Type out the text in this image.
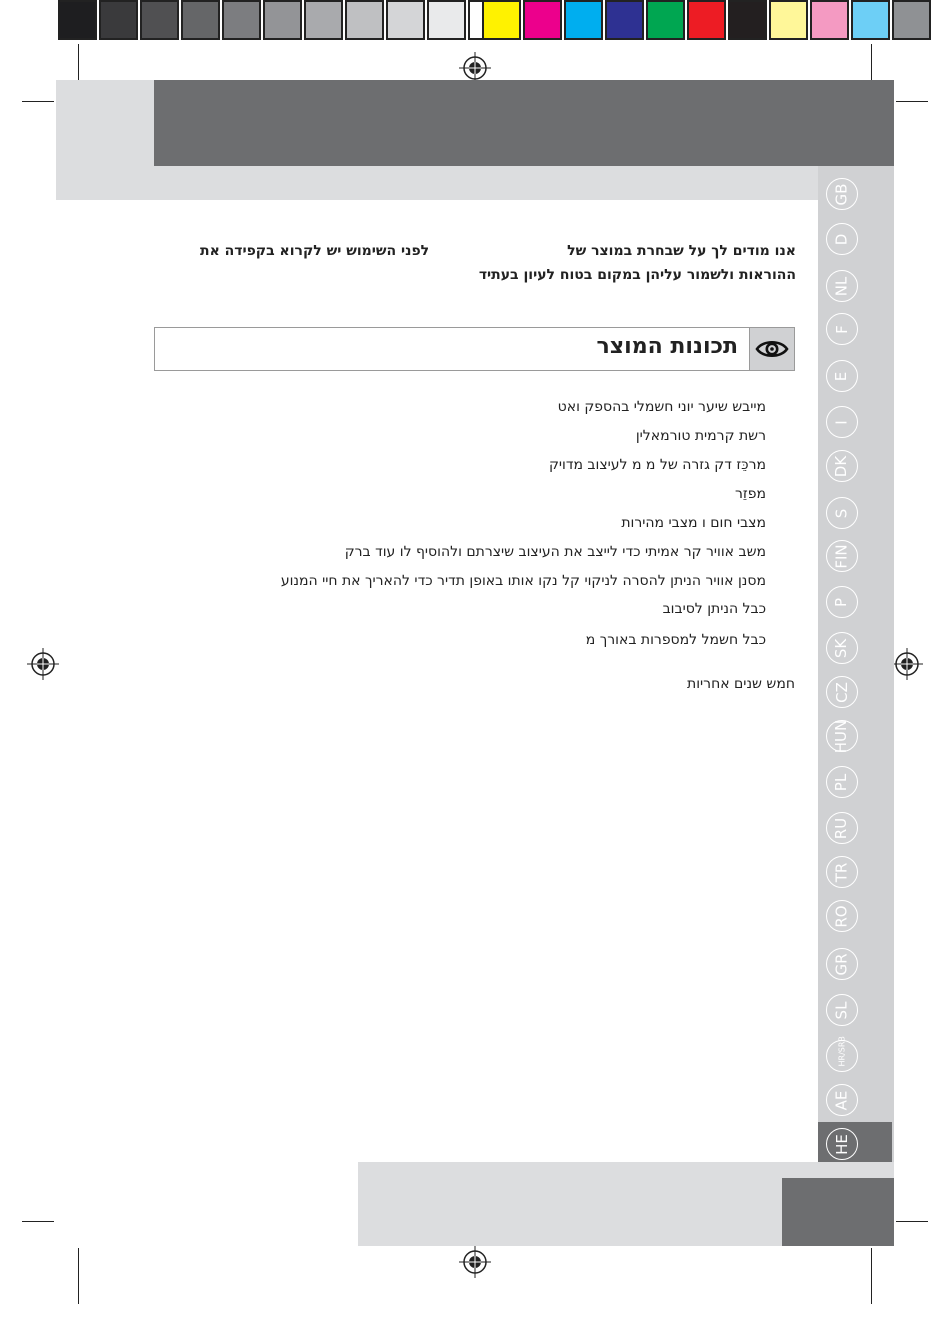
GB
D
NL
F
E
I
DK
S
FIN
P
SK
CZ
HUN
PL
RU
TR
RO
GR
SL
HR/SRB
AE
HE
אנו מודים לך על שבחרת במוצר של
לפני השימוש יש לקרוא בקפידה את
ההוראות ולשמור עליהן במקום בטוח לעיון בעתיד
תכונות המוצר
מייבש שיער יוני חשמלי בהספק ואט
רשת קרמית טורמאלין
מרכֵּז דק גזרה של מ מ לעיצוב מדויק
מפזֵר
מצבי חום ו מצבי מהירות
משב אוויר קר אמיתי כדי לייצב את העיצוב שיצרתם ולהוסיף לו עוד ברק
מסנן אוויר הניתן להסרה לניקוי קל נקו אותו באופן תדיר כדי להאריך את חיי המנוע
כבל הניתן לסיבוב
כבל חשמל למספרות באורך מ
חמש שנים אחריות
